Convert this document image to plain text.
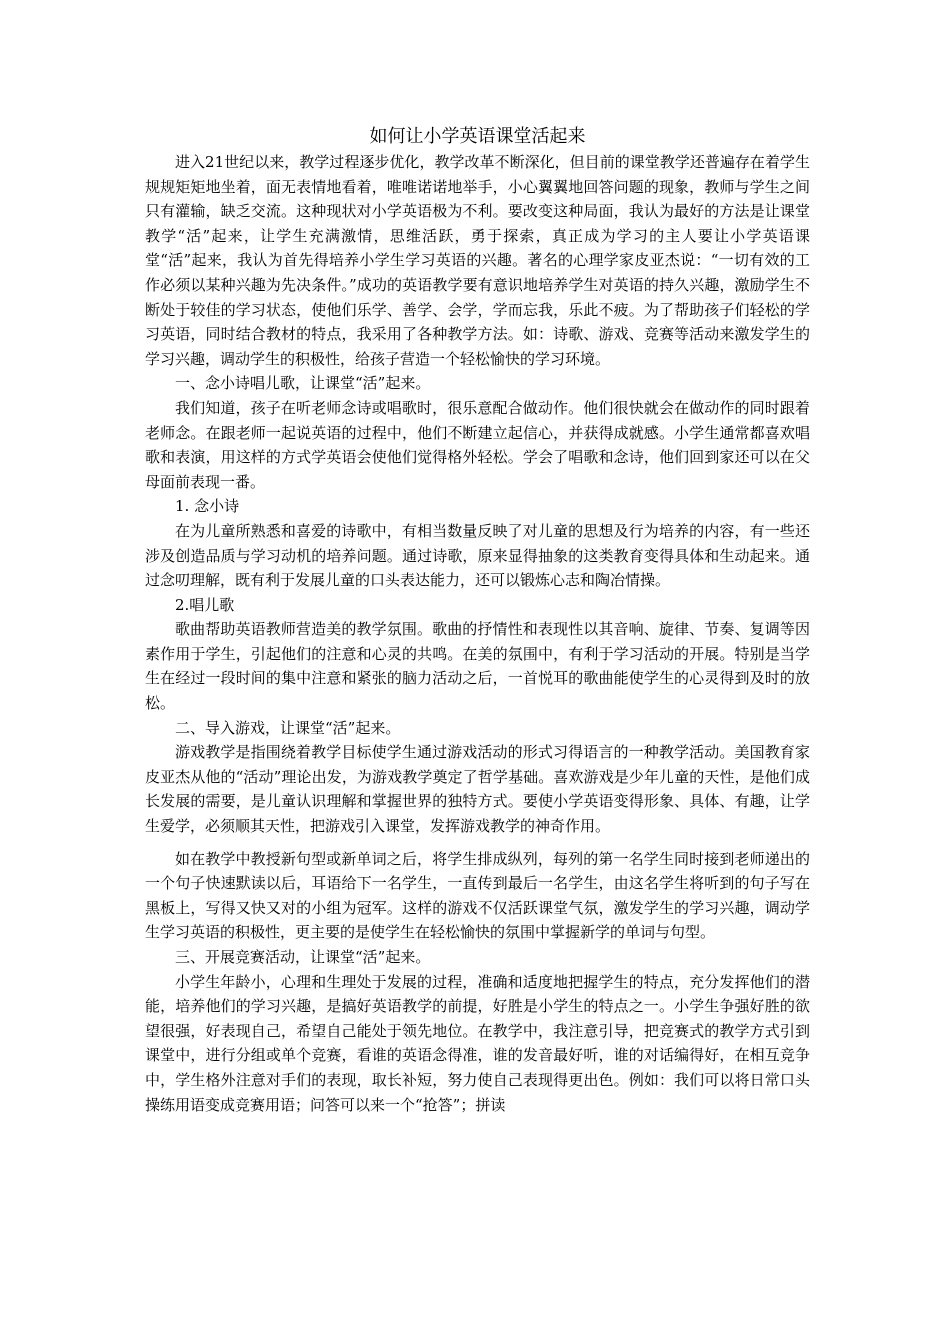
如何让小学英语课堂活起来

进入21世纪以来，教学过程逐步优化，教学改革不断深化，但目前的课堂教学还普遍存在着学生规规矩矩地坐着，面无表情地看着，唯唯诺诺地举手，小心翼翼地回答问题的现象，教师与学生之间只有灌输，缺乏交流。这种现状对小学英语极为不利。要改变这种局面，我认为最好的方法是让课堂教学“活”起来，让学生充满激情，思维活跃，勇于探索，真正成为学习的主人要让小学英语课堂“活”起来，我认为首先得培养小学生学习英语的兴趣。著名的心理学家皮亚杰说：“一切有效的工作必须以某种兴趣为先决条件。”成功的英语教学要有意识地培养学生对英语的持久兴趣，激励学生不断处于较佳的学习状态，使他们乐学、善学、会学，学而忘我，乐此不疲。为了帮助孩子们轻松的学习英语，同时结合教材的特点，我采用了各种教学方法。如：诗歌、游戏、竞赛等活动来激发学生的学习兴趣，调动学生的积极性，给孩子营造一个轻松愉快的学习环境。

一、念小诗唱儿歌，让课堂“活”起来。

我们知道，孩子在听老师念诗或唱歌时，很乐意配合做动作。他们很快就会在做动作的同时跟着老师念。在跟老师一起说英语的过程中，他们不断建立起信心，并获得成就感。小学生通常都喜欢唱歌和表演，用这样的方式学英语会使他们觉得格外轻松。学会了唱歌和念诗，他们回到家还可以在父母面前表现一番。

1. 念小诗

在为儿童所熟悉和喜爱的诗歌中，有相当数量反映了对儿童的思想及行为培养的内容，有一些还涉及创造品质与学习动机的培养问题。通过诗歌，原来显得抽象的这类教育变得具体和生动起来。通过念叨理解，既有利于发展儿童的口头表达能力，还可以锻炼心志和陶冶情操。

2.唱儿歌

歌曲帮助英语教师营造美的教学氛围。歌曲的抒情性和表现性以其音响、旋律、节奏、复调等因素作用于学生，引起他们的注意和心灵的共鸣。在美的氛围中，有利于学习活动的开展。特别是当学生在经过一段时间的集中注意和紧张的脑力活动之后，一首悦耳的歌曲能使学生的心灵得到及时的放松。

二、导入游戏，让课堂“活”起来。

游戏教学是指围绕着教学目标使学生通过游戏活动的形式习得语言的一种教学活动。美国教育家皮亚杰从他的“活动”理论出发，为游戏教学奠定了哲学基础。喜欢游戏是少年儿童的天性，是他们成长发展的需要，是儿童认识理解和掌握世界的独特方式。要使小学英语变得形象、具体、有趣，让学生爱学，必须顺其天性，把游戏引入课堂，发挥游戏教学的神奇作用。

如在教学中教授新句型或新单词之后，将学生排成纵列，每列的第一名学生同时接到老师递出的一个句子快速默读以后，耳语给下一名学生，一直传到最后一名学生，由这名学生将听到的句子写在黑板上，写得又快又对的小组为冠军。这样的游戏不仅活跃课堂气氛，激发学生的学习兴趣，调动学生学习英语的积极性，更主要的是使学生在轻松愉快的氛围中掌握新学的单词与句型。

三、开展竞赛活动，让课堂“活”起来。

小学生年龄小，心理和生理处于发展的过程，准确和适度地把握学生的特点，充分发挥他们的潜能，培养他们的学习兴趣，是搞好英语教学的前提，好胜是小学生的特点之一。小学生争强好胜的欲望很强，好表现自己，希望自己能处于领先地位。在教学中，我注意引导，把竞赛式的教学方式引到课堂中，进行分组或单个竞赛，看谁的英语念得准，谁的发音最好听，谁的对话编得好，在相互竞争中，学生格外注意对手们的表现，取长补短，努力使自己表现得更出色。例如：我们可以将日常口头操练用语变成竞赛用语；问答可以来一个“抢答”；拼读
